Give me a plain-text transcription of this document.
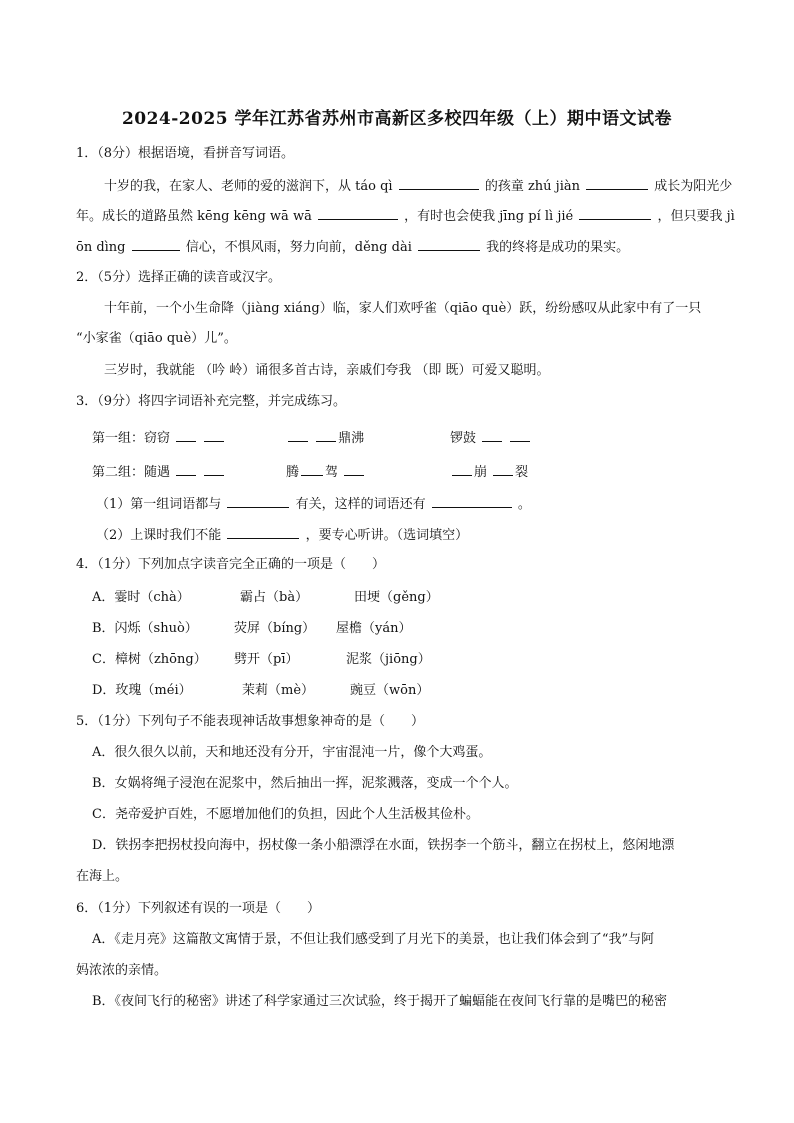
2024-2025 学年江苏省苏州市高新区多校四年级（上）期中语文试卷
1．（8分）根据语境，看拼音写词语。
十岁的我，在家人、老师的爱的滋润下，从 táo qì	的孩童 zhú jiàn	成长为阳光少
年。成长的道路虽然 kēng kēng wā wā	，有时也会使我 jīng pí lì jié	，但只要我 jì
ōn dìng	信心，不惧风雨，努力向前，děng dài	我的终将是成功的果实。
2．（5分）选择正确的读音或汉字。
十年前，一个小生命降（jiàng xiáng）临，家人们欢呼雀（qiāo què）跃，纷纷感叹从此家中有了一只
“小家雀（qiāo què）儿”。
三岁时，我就能 （吟 岭）诵很多首古诗，亲戚们夸我 （即 既）可爱又聪明。
3．（9分）将四字词语补充完整，并完成练习。
第一组：窃窃	鼎沸	锣鼓
第二组：随遇	腾 驾	崩 裂
（1）第一组词语都与	有关，这样的词语还有	。
（2）上课时我们不能	，要专心听讲。（选词填空）
4．（1分）下列加点字读音完全正确的一项是（　　）
A．霎时（chà）	霸占（bà）	田埂（gěng）
B．闪烁（shuò）	荧屏（bíng） 屋檐（yán）
C．樟树（zhōng） 劈开（pī）	泥浆（jiōng）
D．玫瑰（méi）	茉莉（mè）	豌豆（wōn）
5．（1分）下列句子不能表现神话故事想象神奇的是（　　）
A．很久很久以前，天和地还没有分开，宇宙混沌一片，像个大鸡蛋。
B．女娲将绳子浸泡在泥浆中，然后抽出一挥，泥浆溅落，变成一个个人。
C．尧帝爱护百姓，不愿增加他们的负担，因此个人生活极其俭朴。
D．铁拐李把拐杖投向海中，拐杖像一条小船漂浮在水面，铁拐李一个筋斗，翻立在拐杖上，悠闲地漂
在海上。
6．（1分）下列叙述有误的一项是（　　）
A．《走月亮》这篇散文寓情于景，不但让我们感受到了月光下的美景，也让我们体会到了“我”与阿
妈浓浓的亲情。
B．《夜间飞行的秘密》讲述了科学家通过三次试验，终于揭开了蝙蝠能在夜间飞行靠的是嘴巴的秘密
